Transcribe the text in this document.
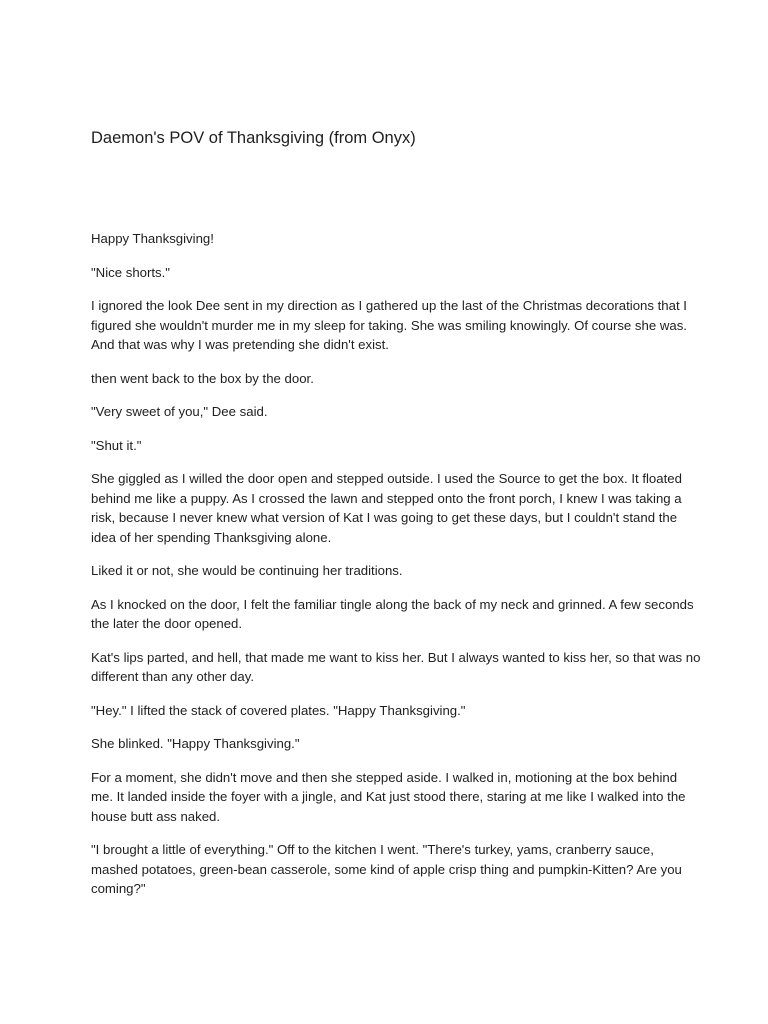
Daemon's POV of Thanksgiving (from Onyx)

Happy Thanksgiving!

"Nice shorts."

I ignored the look Dee sent in my direction as I gathered up the last of the Christmas decorations that I
figured she wouldn't murder me in my sleep for taking. She was smiling knowingly. Of course she was.
And that was why I was pretending she didn't exist.

then went back to the box by the door.

"Very sweet of you," Dee said.

"Shut it."

She giggled as I willed the door open and stepped outside. I used the Source to get the box. It floated
behind me like a puppy. As I crossed the lawn and stepped onto the front porch, I knew I was taking a
risk, because I never knew what version of Kat I was going to get these days, but I couldn't stand the
idea of her spending Thanksgiving alone.

Liked it or not, she would be continuing her traditions.

As I knocked on the door, I felt the familiar tingle along the back of my neck and grinned. A few seconds
the later the door opened.

Kat's lips parted, and hell, that made me want to kiss her. But I always wanted to kiss her, so that was no
different than any other day.

"Hey." I lifted the stack of covered plates. "Happy Thanksgiving."

She blinked. "Happy Thanksgiving."

For a moment, she didn't move and then she stepped aside. I walked in, motioning at the box behind
me. It landed inside the foyer with a jingle, and Kat just stood there, staring at me like I walked into the
house butt ass naked.

"I brought a little of everything." Off to the kitchen I went. "There's turkey, yams, cranberry sauce,
mashed potatoes, green-bean casserole, some kind of apple crisp thing and pumpkin-Kitten? Are you
coming?"
